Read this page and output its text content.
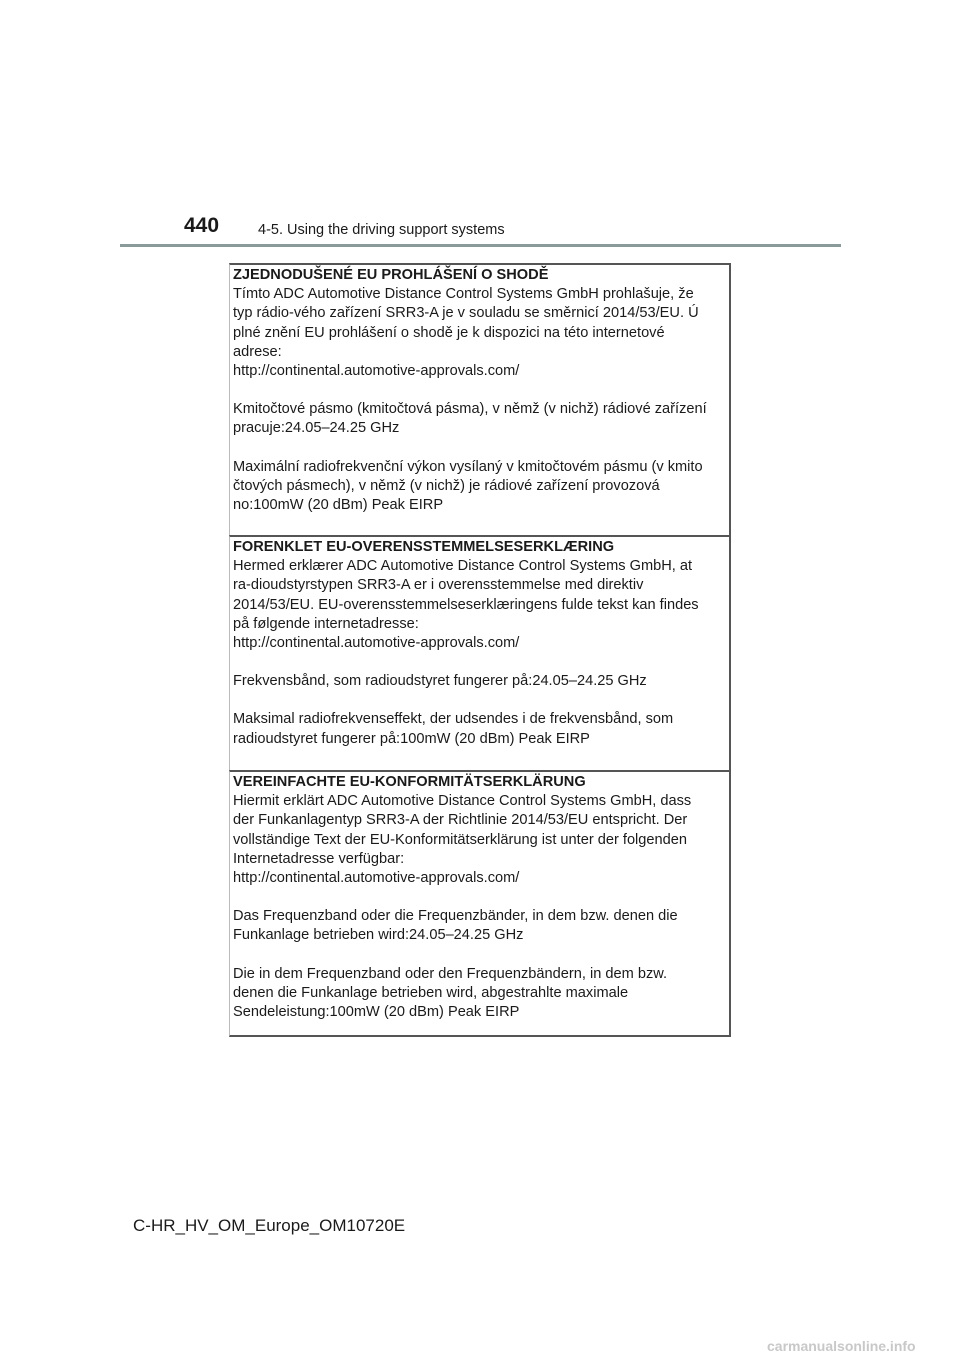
440	4-5. Using the driving support systems

ZJEDNODUŠENÉ EU PROHLÁŠENÍ O SHODĚ

Tímto ADC Automotive Distance Control Systems GmbH prohlašuje, že
typ rádio-vého zařízení SRR3-A je v souladu se směrnicí 2014/53/EU. Ú
plné znění EU prohlášení o shodě je k dispozici na této internetové
adrese:
http://continental.automotive-approvals.com/

Kmitočtové pásmo (kmitočtová pásma), v němž (v nichž) rádiové zařízení
pracuje:24.05–24.25 GHz

Maximální radiofrekvenční výkon vysílaný v kmitočtovém pásmu (v kmito
čtových pásmech), v němž (v nichž) je rádiové zařízení provozová
no:100mW (20 dBm) Peak EIRP

FORENKLET EU-OVERENSSTEMMELSESERKLÆRING

Hermed erklærer ADC Automotive Distance Control Systems GmbH, at
ra-dioudstyrstypen SRR3-A er i overensstemmelse med direktiv
2014/53/EU. EU-overensstemmelseserklæringens fulde tekst kan findes
på følgende internetadresse:
http://continental.automotive-approvals.com/

Frekvensbånd, som radioudstyret fungerer på:24.05–24.25 GHz

Maksimal radiofrekvenseffekt, der udsendes i de frekvensbånd, som
radioudstyret fungerer på:100mW (20 dBm) Peak EIRP

VEREINFACHTE EU-KONFORMITÄTSERKLÄRUNG

Hiermit erklärt ADC Automotive Distance Control Systems GmbH, dass
der Funkanlagentyp SRR3-A der Richtlinie 2014/53/EU entspricht. Der
vollständige Text der EU-Konformitätserklärung ist unter der folgenden
Internetadresse verfügbar:
http://continental.automotive-approvals.com/

Das Frequenzband oder die Frequenzbänder, in dem bzw. denen die
Funkanlage betrieben wird:24.05–24.25 GHz

Die in dem Frequenzband oder den Frequenzbändern, in dem bzw.
denen die Funkanlage betrieben wird, abgestrahlte maximale
Sendeleistung:100mW (20 dBm) Peak EIRP

C-HR_HV_OM_Europe_OM10720E
carmanualsonline.info
